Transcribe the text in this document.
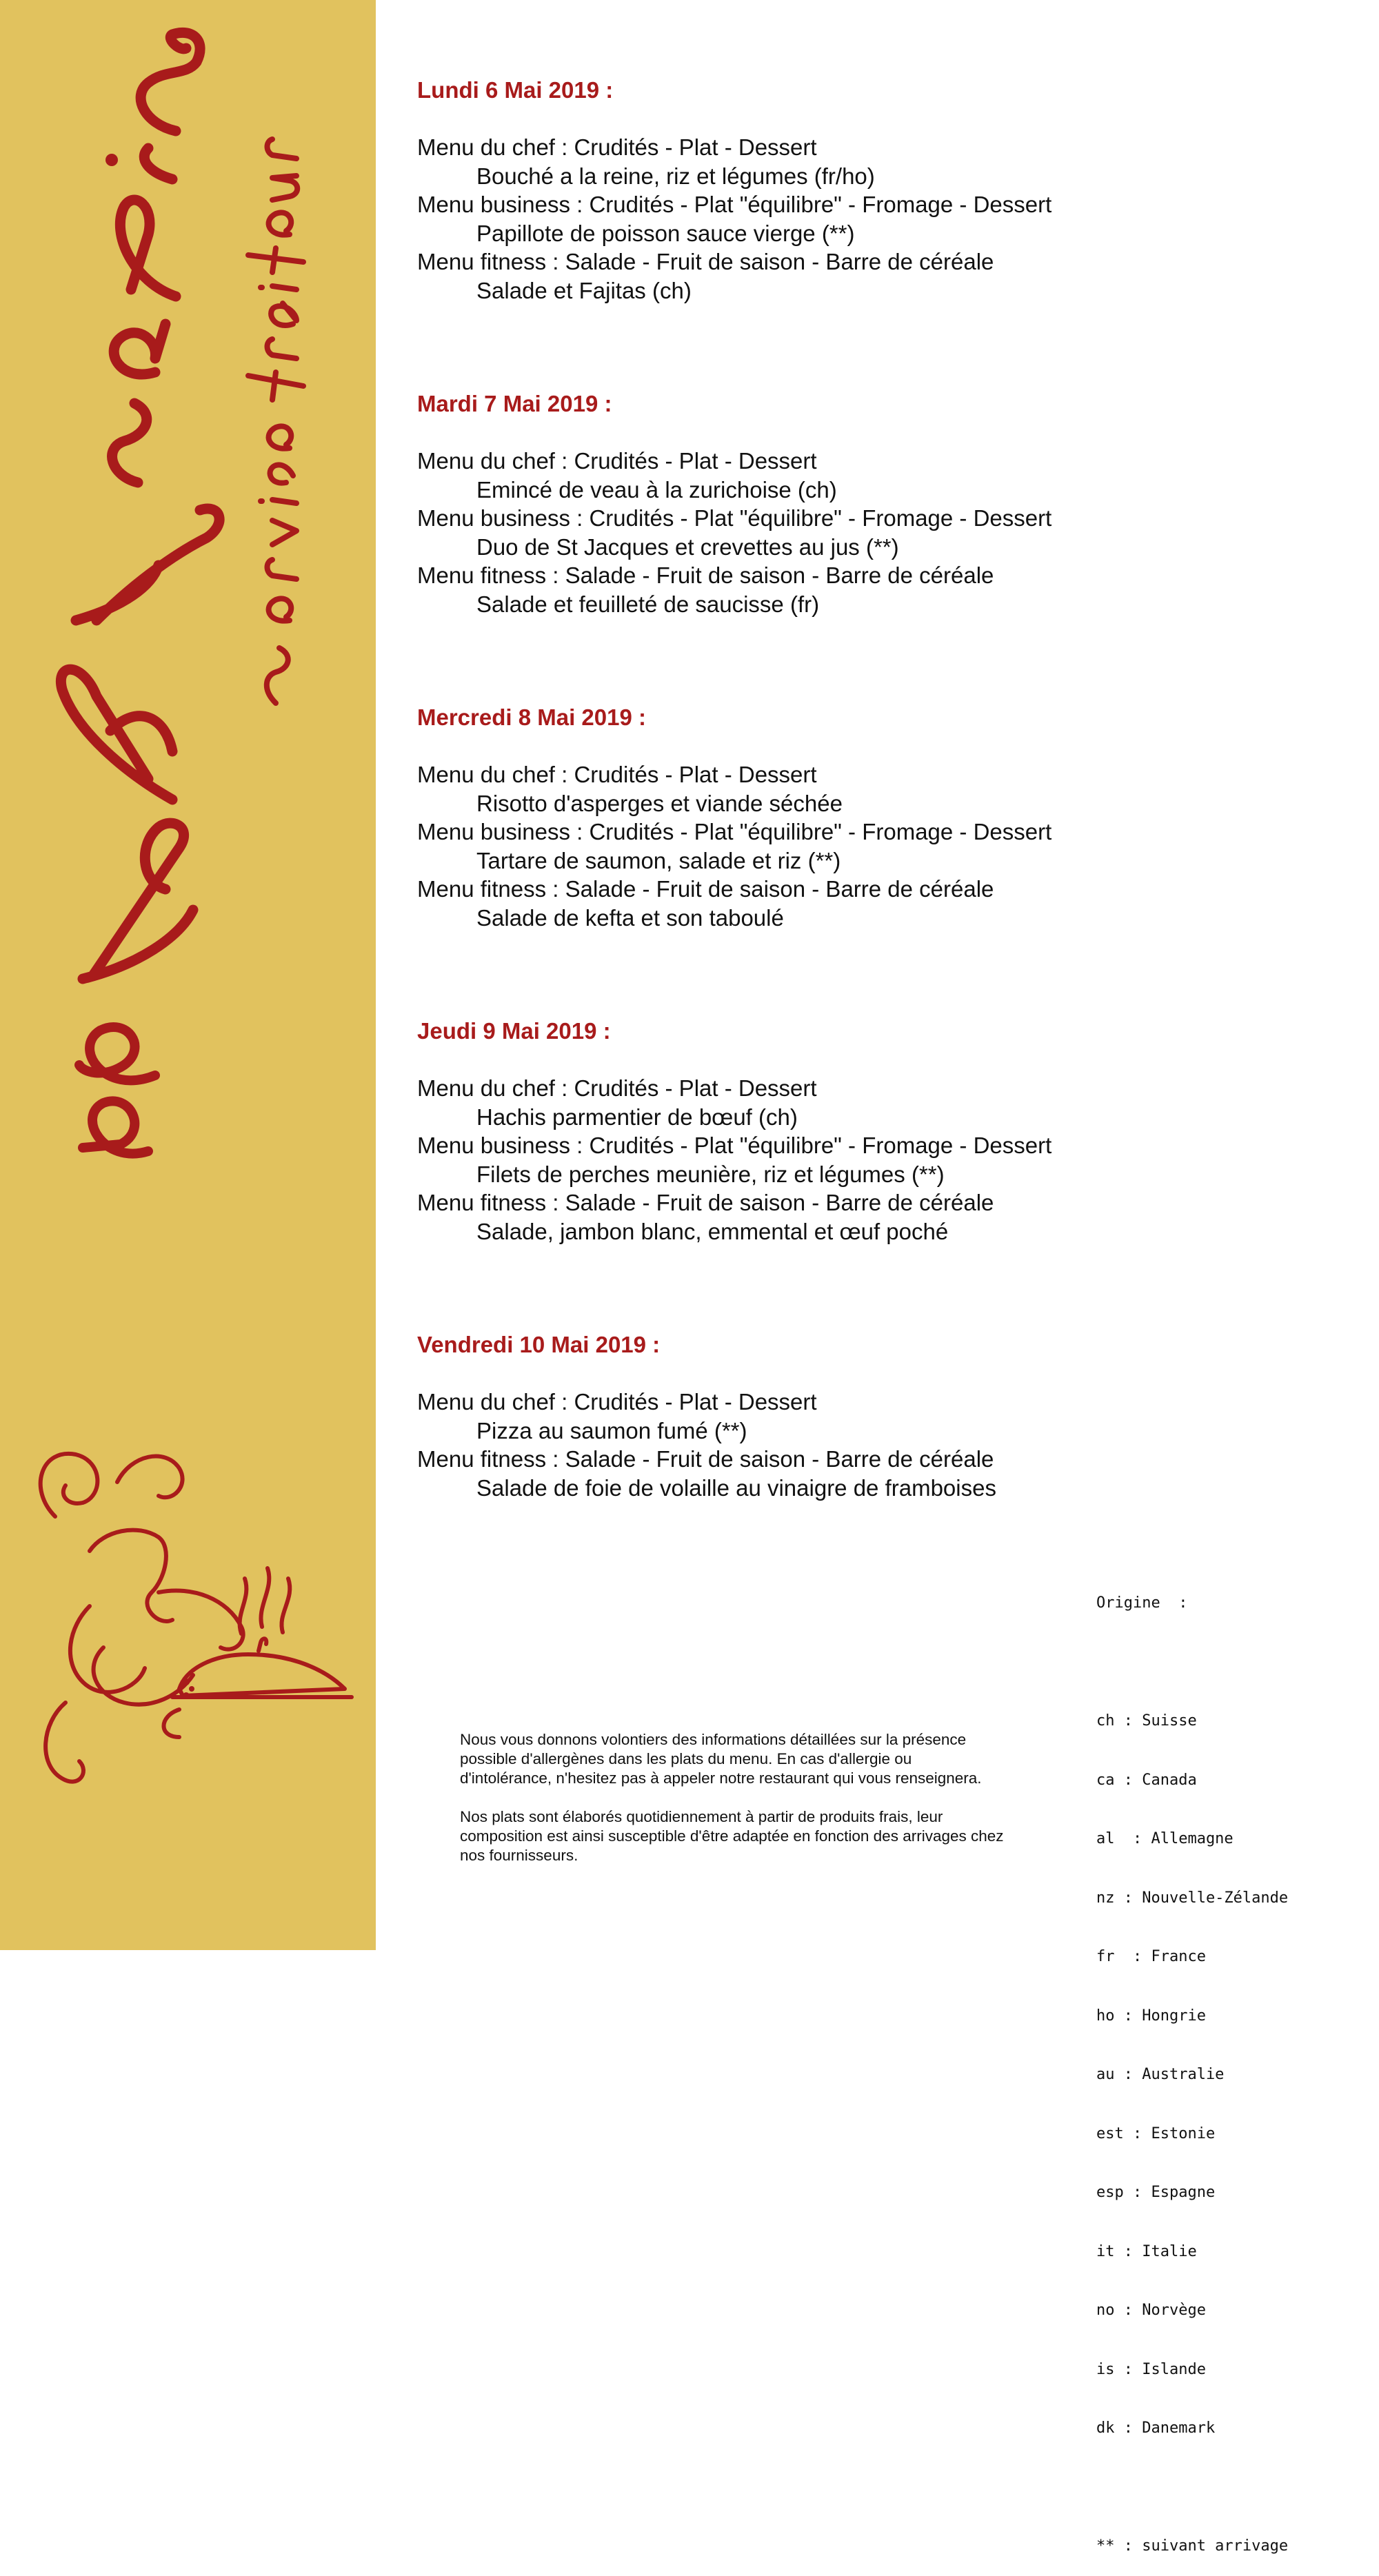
Lundi 6 Mai 2019 :
Menu du chef : Crudités - Plat - Dessert
Bouché a la reine, riz et légumes (fr/ho)
Menu business : Crudités - Plat "équilibre" - Fromage - Dessert
Papillote de poisson sauce vierge (**)
Menu fitness : Salade - Fruit de saison - Barre de céréale
Salade et Fajitas (ch)
Mardi 7 Mai 2019 :
Menu du chef : Crudités - Plat - Dessert
Emincé de veau à la zurichoise (ch)
Menu business : Crudités - Plat "équilibre" - Fromage - Dessert
Duo de St Jacques et crevettes au jus (**)
Menu fitness : Salade - Fruit de saison - Barre de céréale
Salade et feuilleté de saucisse (fr)
Mercredi 8 Mai 2019 :
Menu du chef : Crudités - Plat - Dessert
Risotto d'asperges et viande séchée
Menu business : Crudités - Plat "équilibre" - Fromage - Dessert
Tartare de saumon, salade et riz (**)
Menu fitness : Salade - Fruit de saison - Barre de céréale
Salade de kefta et son taboulé
Jeudi 9 Mai 2019 :
Menu du chef : Crudités - Plat - Dessert
Hachis parmentier de bœuf (ch)
Menu business : Crudités - Plat "équilibre" - Fromage - Dessert
Filets de perches meunière, riz et légumes (**)
Menu fitness : Salade - Fruit de saison - Barre de céréale
Salade, jambon blanc, emmental et œuf poché
Vendredi 10 Mai 2019 :
Menu du chef : Crudités - Plat - Dessert
Pizza au saumon fumé (**)
Menu fitness : Salade - Fruit de saison - Barre de céréale
Salade de foie de volaille au vinaigre de framboises

Nous vous donnons volontiers des informations détaillées sur la présence possible d'allergènes dans les plats du menu. En cas d'allergie ou d'intolérance, n'hesitez pas à appeler notre restaurant qui vous renseignera.

Nos plats sont élaborés quotidiennement à partir de produits frais, leur composition est ainsi susceptible d'être adaptée en fonction des arrivages chez nos fournisseurs.

Origine  :

ch : Suisse

ca : Canada

al  : Allemagne

nz : Nouvelle-Zélande

fr  : France

ho : Hongrie

au : Australie

est : Estonie

esp : Espagne

it : Italie

no : Norvège

is : Islande

dk : Danemark

** : suivant arrivage
